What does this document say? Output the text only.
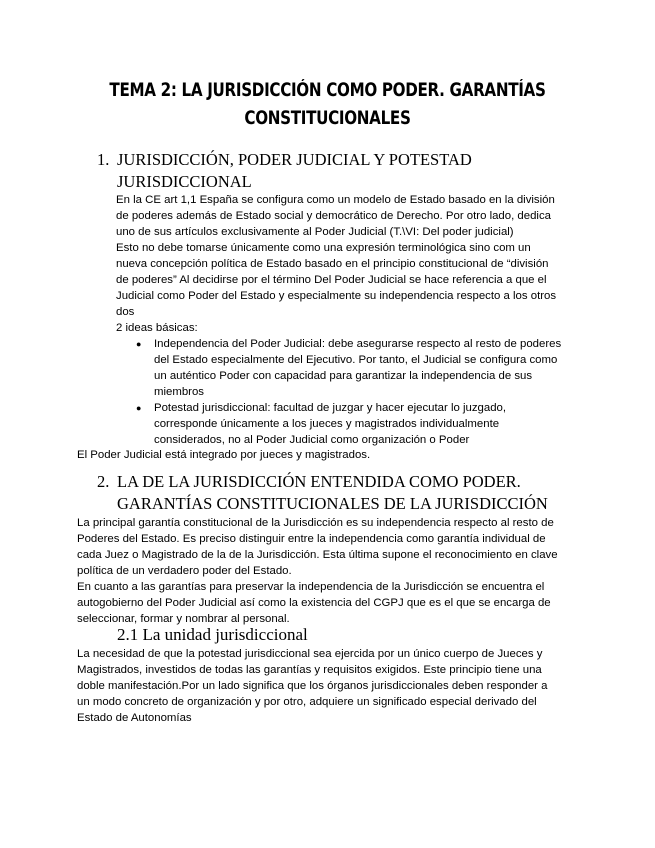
TEMA 2: LA JURISDICCIÓN COMO PODER. GARANTÍAS
CONSTITUCIONALES
1. JURISDICCIÓN, PODER JUDICIAL Y POTESTAD
JURISDICCIONAL
En la CE art 1,1 España se configura como un modelo de Estado basado en la división
de poderes además de Estado social y democrático de Derecho. Por otro lado, dedica
uno de sus artículos exclusivamente al Poder Judicial (T.\VI: Del poder judicial)
Esto no debe tomarse únicamente como una expresión terminológica sino com un
nueva concepción política de Estado basado en el principio constitucional de “división
de poderes” Al decidirse por el término Del Poder Judicial se hace referencia a que el
Judicial como Poder del Estado y especialmente su independencia respecto a los otros
dos
2 ideas básicas:
● Independencia del Poder Judicial: debe asegurarse respecto al resto de poderes
del Estado especialmente del Ejecutivo. Por tanto, el Judicial se configura como
un auténtico Poder con capacidad para garantizar la independencia de sus
miembros
● Potestad jurisdiccional: facultad de juzgar y hacer ejecutar lo juzgado,
corresponde únicamente a los jueces y magistrados individualmente
considerados, no al Poder Judicial como organización o Poder
El Poder Judicial está integrado por jueces y magistrados.
2. LA DE LA JURISDICCIÓN ENTENDIDA COMO PODER.
GARANTÍAS CONSTITUCIONALES DE LA JURISDICCIÓN
La principal garantía constitucional de la Jurisdicción es su independencia respecto al resto de
Poderes del Estado. Es preciso distinguir entre la independencia como garantía individual de
cada Juez o Magistrado de la de la Jurisdicción. Esta última supone el reconocimiento en clave
política de un verdadero poder del Estado.
En cuanto a las garantías para preservar la independencia de la Jurisdicción se encuentra el
autogobierno del Poder Judicial así como la existencia del CGPJ que es el que se encarga de
seleccionar, formar y nombrar al personal.
2.1 La unidad jurisdiccional
La necesidad de que la potestad jurisdiccional sea ejercida por un único cuerpo de Jueces y
Magistrados, investidos de todas las garantías y requisitos exigidos. Este principio tiene una
doble manifestación.Por un lado significa que los órganos jurisdiccionales deben responder a
un modo concreto de organización y por otro, adquiere un significado especial derivado del
Estado de Autonomías
